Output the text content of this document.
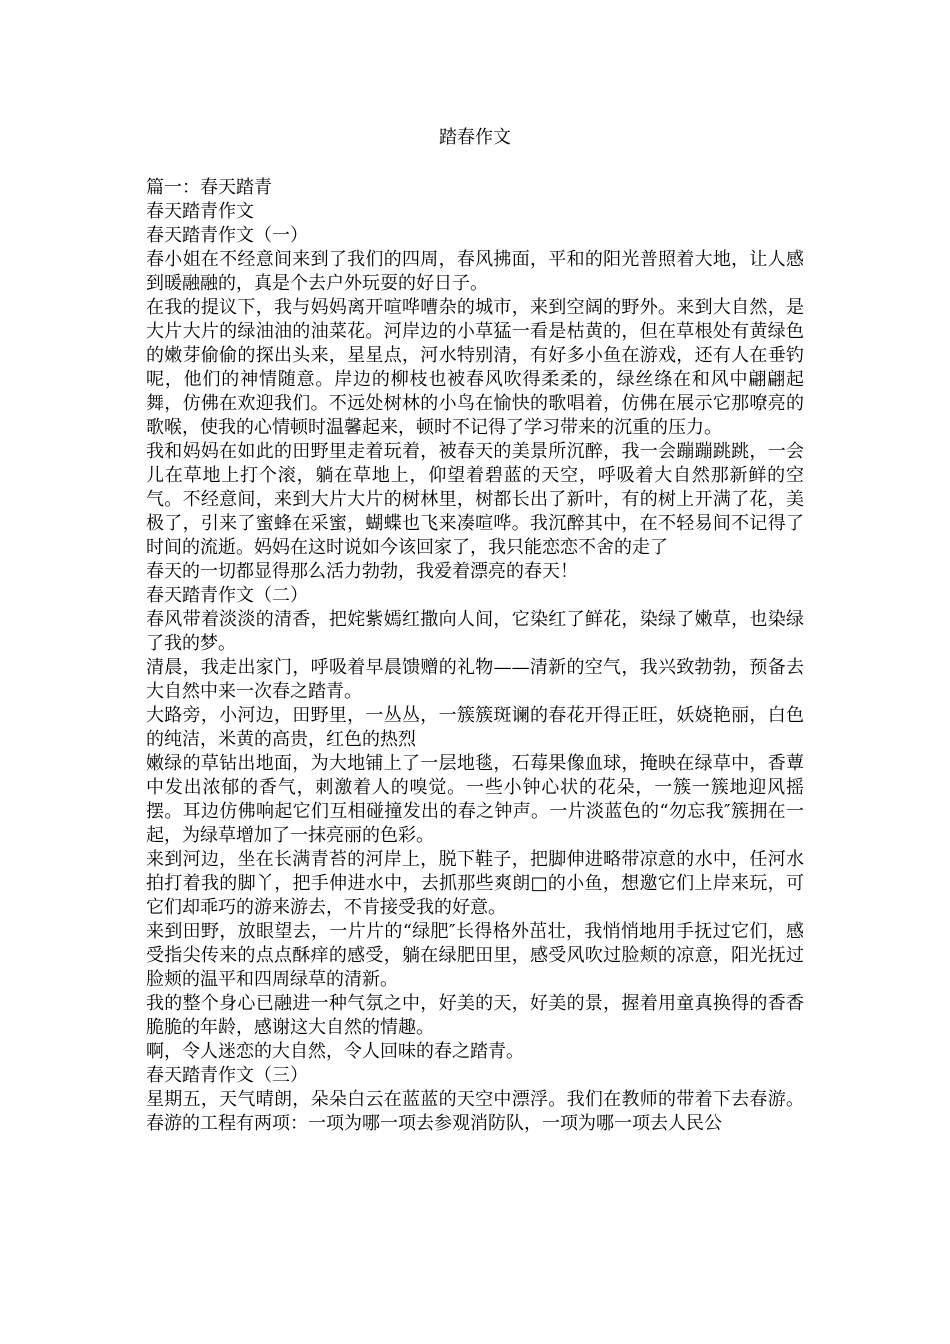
踏春作文

篇一：春天踏青

春天踏青作文

春天踏青作文（一）

春小姐在不经意间来到了我们的四周，春风拂面，平和的阳光普照着大地，让人感到暖融融的，真是个去户外玩耍的好日子。

在我的提议下，我与妈妈离开喧哗嘈杂的城市，来到空阔的野外。来到大自然，是大片大片的绿油油的油菜花。河岸边的小草猛一看是枯黄的，但在草根处有黄绿色的嫩芽偷偷的探出头来，星星点，河水特别清，有好多小鱼在游戏，还有人在垂钓呢，他们的神情随意。岸边的柳枝也被春风吹得柔柔的，绿丝绦在和风中翩翩起舞，仿佛在欢迎我们。不远处树林的小鸟在愉快的歌唱着，仿佛在展示它那嘹亮的歌喉，使我的心情顿时温馨起来，顿时不记得了学习带来的沉重的压力。

我和妈妈在如此的田野里走着玩着，被春天的美景所沉醉，我一会蹦蹦跳跳，一会儿在草地上打个滚，躺在草地上，仰望着碧蓝的天空，呼吸着大自然那新鲜的空气。不经意间，来到大片大片的树林里，树都长出了新叶，有的树上开满了花，美极了，引来了蜜蜂在采蜜，蝴蝶也飞来凑喧哗。我沉醉其中，在不轻易间不记得了时间的流逝。妈妈在这时说如今该回家了，我只能恋恋不舍的走了

春天的一切都显得那么活力勃勃，我爱着漂亮的春天！

春天踏青作文（二）

春风带着淡淡的清香，把姹紫嫣红撒向人间，它染红了鲜花，染绿了嫩草，也染绿了我的梦。

清晨，我走出家门，呼吸着早晨馈赠的礼物——清新的空气，我兴致勃勃，预备去大自然中来一次春之踏青。

大路旁，小河边，田野里，一丛丛，一簇簇斑谰的春花开得正旺，妖娆艳丽，白色的纯洁，米黄的高贵，红色的热烈

嫩绿的草钻出地面，为大地铺上了一层地毯，石莓果像血球，掩映在绿草中，香蕈中发出浓郁的香气，刺激着人的嗅觉。一些小钟心状的花朵，一簇一簇地迎风摇摆。耳边仿佛响起它们互相碰撞发出的春之钟声。一片淡蓝色的“勿忘我″簇拥在一起，为绿草增加了一抹亮丽的色彩。

来到河边，坐在长满青苔的河岸上，脱下鞋子，把脚伸进略带凉意的水中，任河水拍打着我的脚丫，把手伸进水中，去抓那些爽朗□的小鱼，想邀它们上岸来玩，可它们却乖巧的游来游去，不肯接受我的好意。

来到田野，放眼望去，一片片的“绿肥″长得格外茁壮，我悄悄地用手抚过它们，感受指尖传来的点点酥痒的感受，躺在绿肥田里，感受风吹过脸颊的凉意，阳光抚过脸颊的温平和四周绿草的清新。

我的整个身心已融进一种气氛之中，好美的天，好美的景，握着用童真换得的香香脆脆的年龄，感谢这大自然的情趣。

啊，令人迷恋的大自然，令人回味的春之踏青。

春天踏青作文（三）

星期五，天气晴朗，朵朵白云在蓝蓝的天空中漂浮。我们在教师的带着下去春游。春游的工程有两项：一项为哪一项去参观消防队，一项为哪一项去人民公
